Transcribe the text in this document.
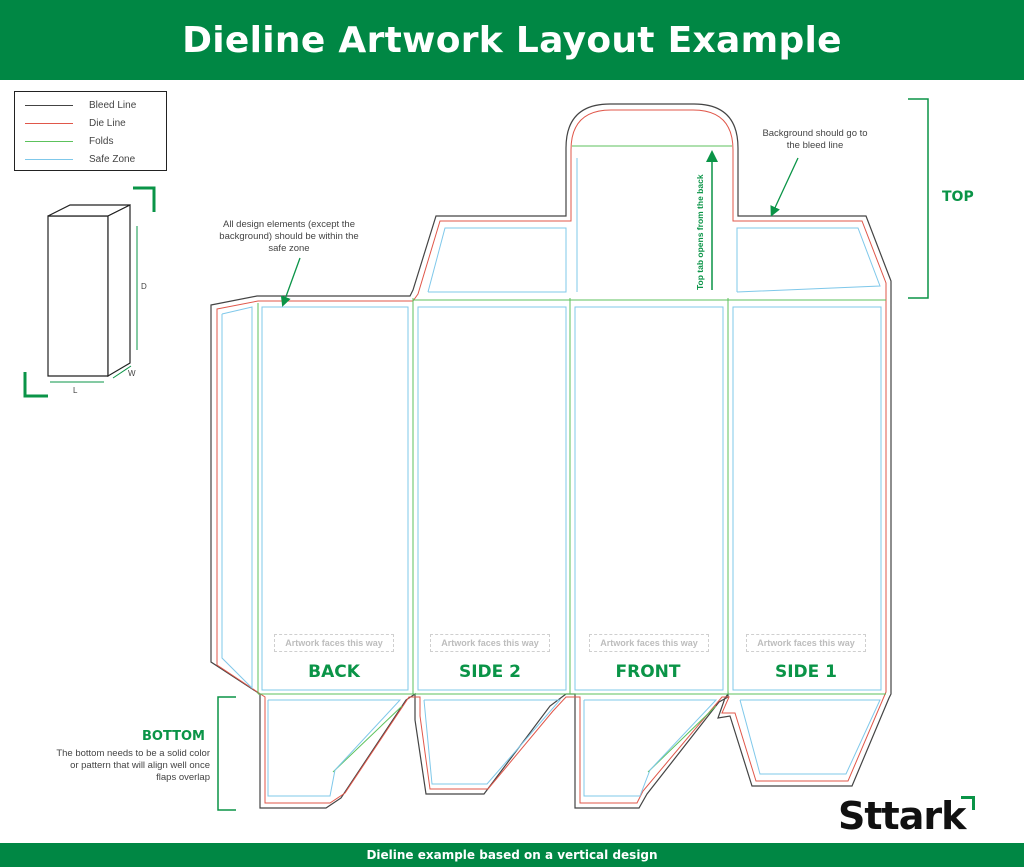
Dieline Artwork Layout Example
Bleed Line
Die Line
Folds
Safe Zone
Top tab opens from the back
D
W
L
All design elements (except the background) should be within the safe zone
Background should go to the bleed line
TOP
BOTTOM
The bottom needs to be a solid color or pattern that will align well once flaps overlap
Artwork faces this way	Artwork faces this way	Artwork faces this way	Artwork faces this way
BACK	SIDE 2	FRONT	SIDE 1
Sttark
Dieline example based on a vertical design
